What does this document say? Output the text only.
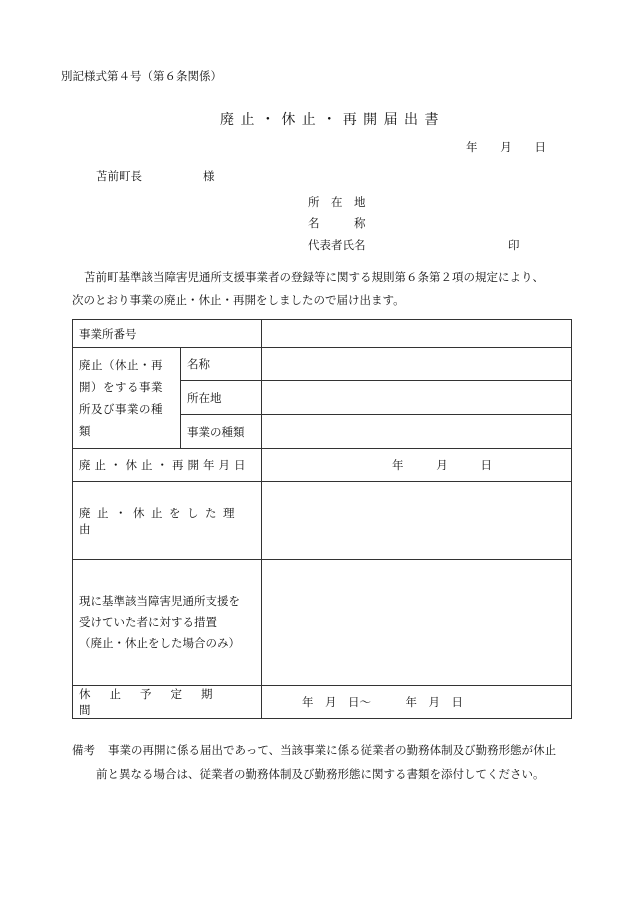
別記様式第４号（第６条関係）
廃 止 ・ 休 止 ・ 再 開 届 出 書
年 月 日
苫前町長	様
所　在　地
名　　　称
代表者氏名	印
苫前町基準該当障害児通所支援事業者の登録等に関する規則第６条第２項の規定により、
次のとおり事業の廃止・休止・再開をしましたので届け出ます。
事業所番号		

廃止（休止・再開）をする事業所及び事業の種類	名称	
	所在地	
	事業の種類	
廃止・休止・再開年月日		年 月 日

廃止・休止をした理由		

現に基準該当障害児通所支援を
受けていた者に対する措置
（廃止・休止をした場合のみ）		

休止予定期間		年　月　日～　　　年　月　日
備考 事業の再開に係る届出であって、当該事業に係る従業者の勤務体制及び勤務形態が休止
前と異なる場合は、従業者の勤務体制及び勤務形態に関する書類を添付してください。
